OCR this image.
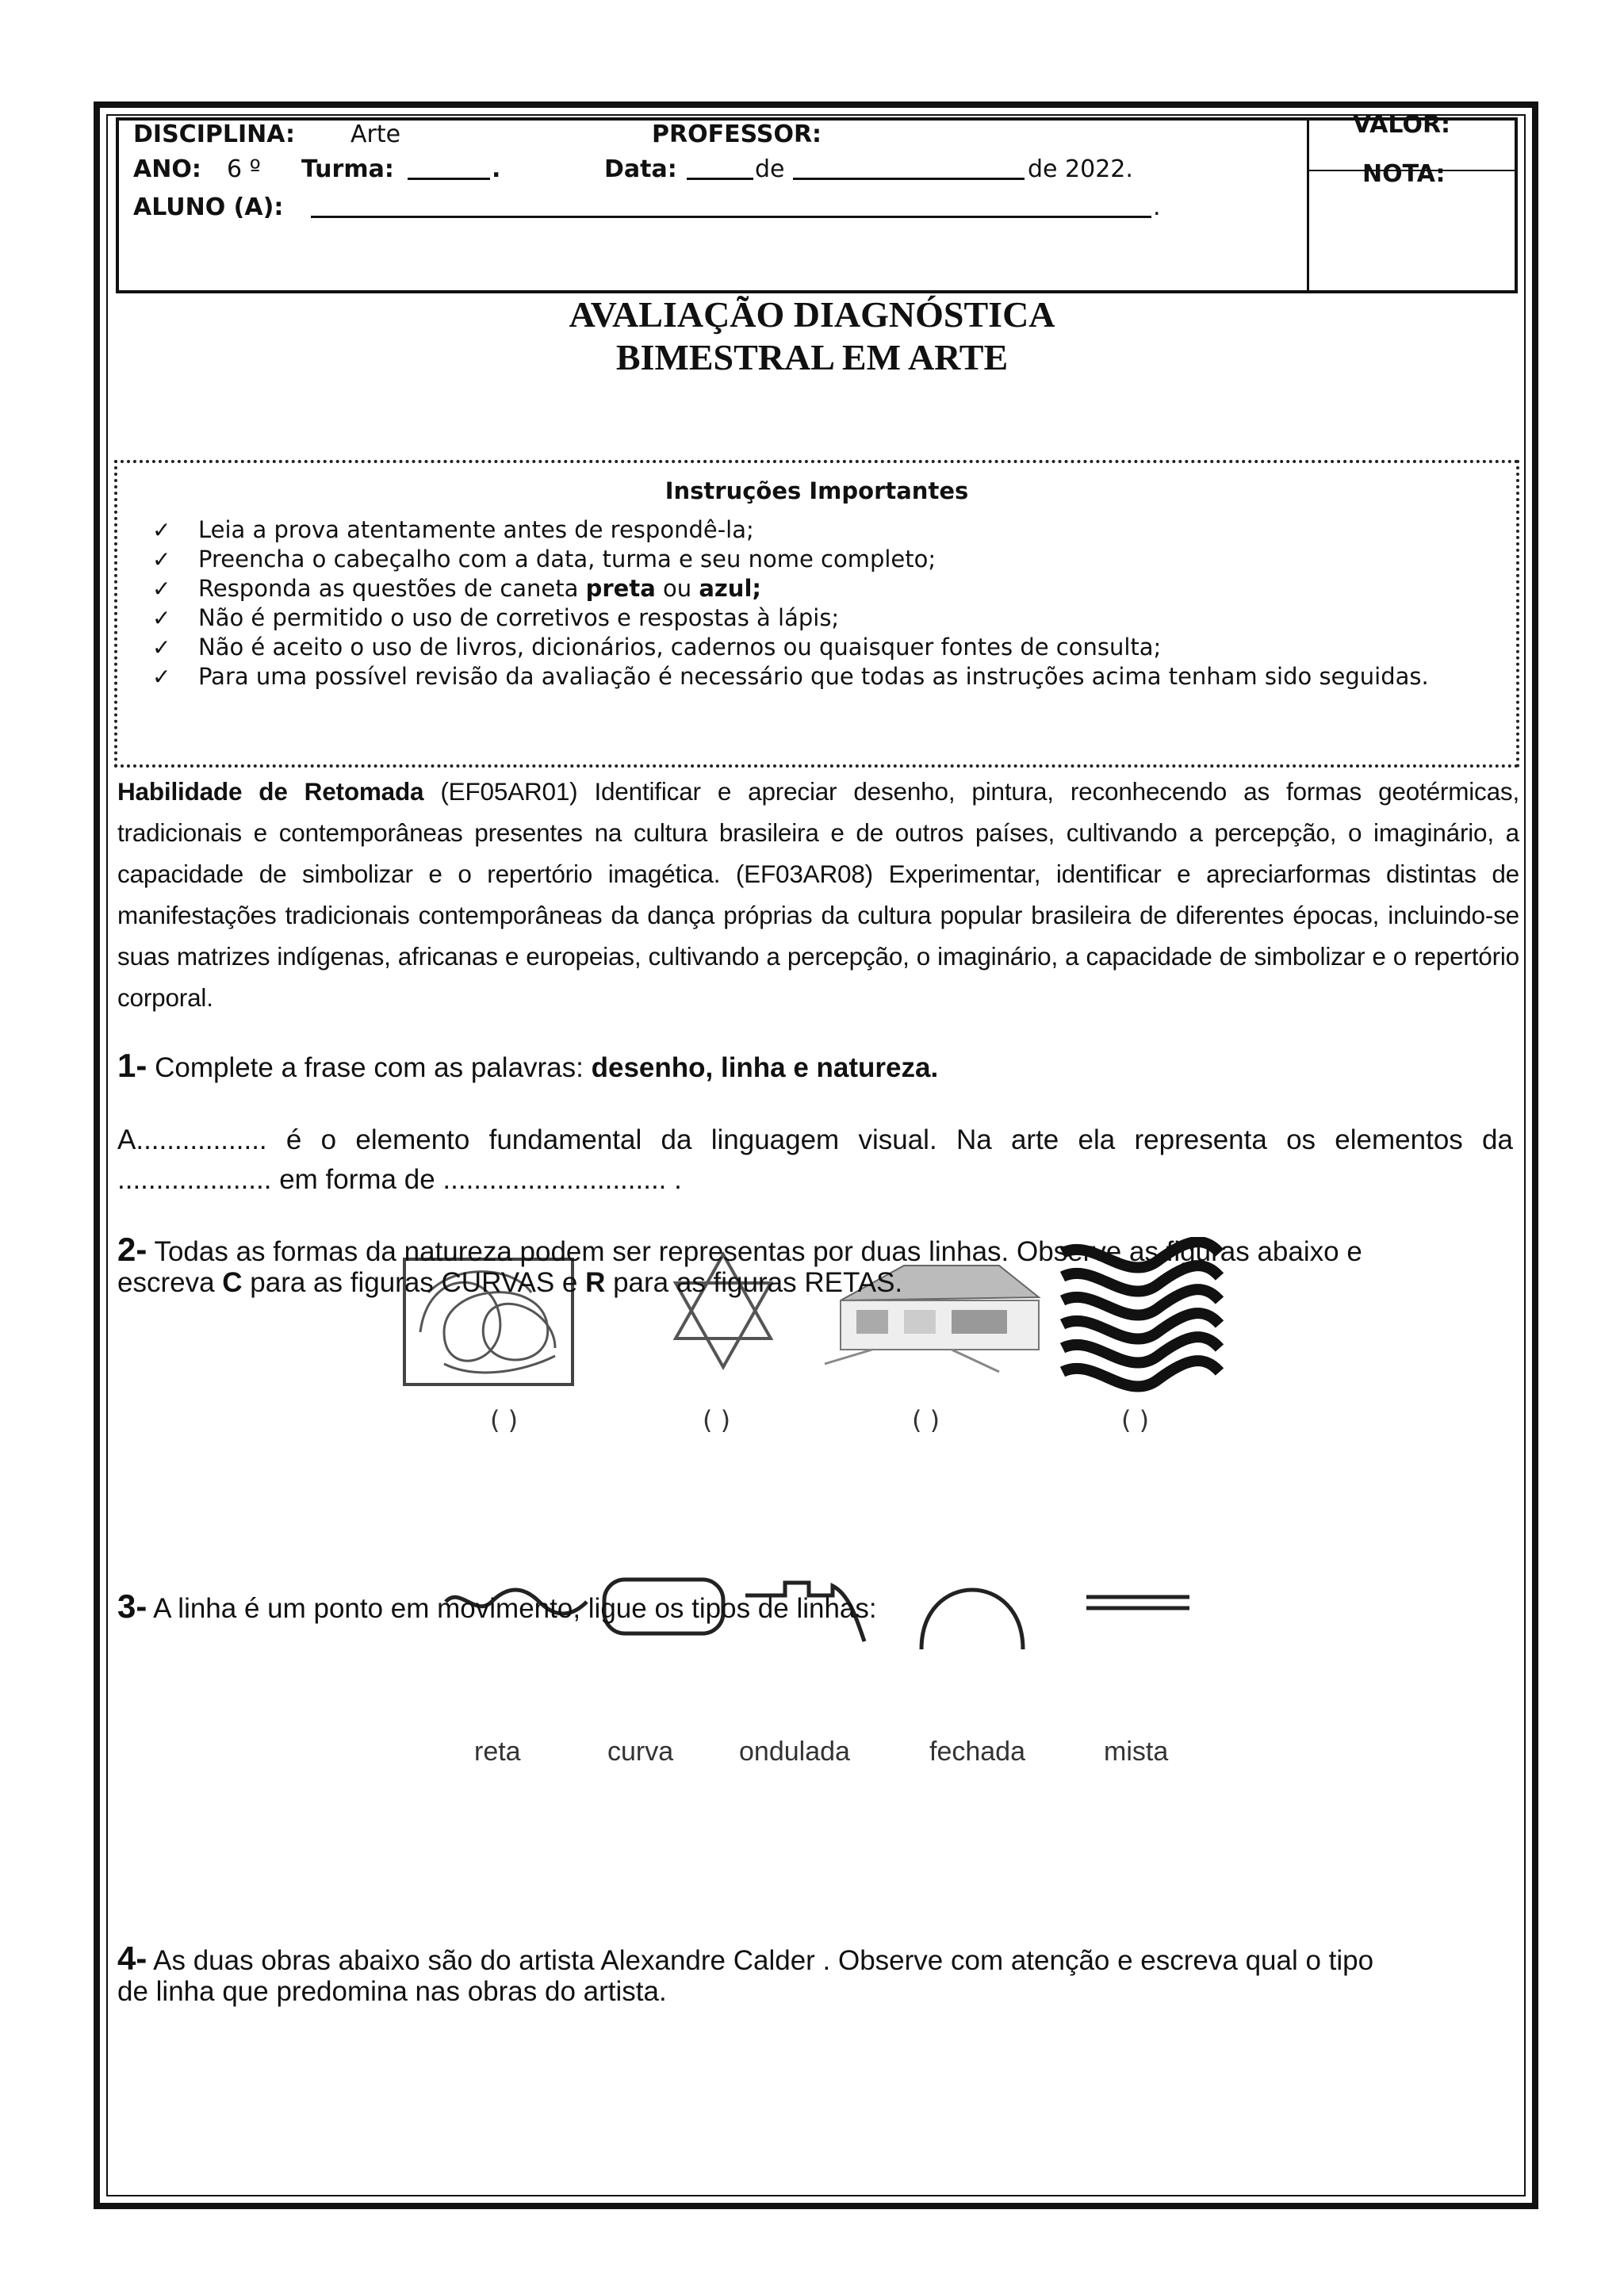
DISCIPLINA: Arte	PROFESSOR:
ANO: 6 º Turma:	.	Data:	de	de 2022.
ALUNO (A):	.
VALOR:
NOTA:
AVALIAÇÃO DIAGNÓSTICA
BIMESTRAL EM ARTE
Instruções Importantes
✓ Leia a prova atentamente antes de respondê-la;
✓ Preencha o cabeçalho com a data, turma e seu nome completo;
✓ Responda as questões de caneta preta ou azul;
✓ Não é permitido o uso de corretivos e respostas à lápis;
✓ Não é aceito o uso de livros, dicionários, cadernos ou quaisquer fontes de consulta;
✓ Para uma possível revisão da avaliação é necessário que todas as instruções acima tenham sido seguidas.
Habilidade de Retomada (EF05AR01) Identificar e apreciar desenho, pintura, reconhecendo as formas geotérmicas, tradicionais e contemporâneas presentes na cultura brasileira e de outros países, cultivando a percepção, o imaginário, a capacidade de simbolizar e o repertório imagética. (EF03AR08) Experimentar, identificar e apreciarformas distintas de manifestações tradicionais contemporâneas da dança próprias da cultura popular brasileira de diferentes épocas, incluindo-se suas matrizes indígenas, africanas e europeias, cultivando a percepção, o imaginário, a capacidade de simbolizar e o repertório corporal.
1- Complete a frase com as palavras: desenho, linha e natureza.
A................. é o elemento fundamental da linguagem visual. Na arte ela representa os elementos da
.................... em forma de ............................. .
2- Todas as formas da natureza podem ser representas por duas linhas. Observe as figuras abaixo e
escreva C para as figuras CURVAS e R para as figuras RETAS.
( )	( )	( )	( )
3- A linha é um ponto em movimento, ligue os tipos de linhas:
reta	curva ondulada	fechada	mista
4- As duas obras abaixo são do artista Alexandre Calder . Observe com atenção e escreva qual o tipo
de linha que predomina nas obras do artista.
